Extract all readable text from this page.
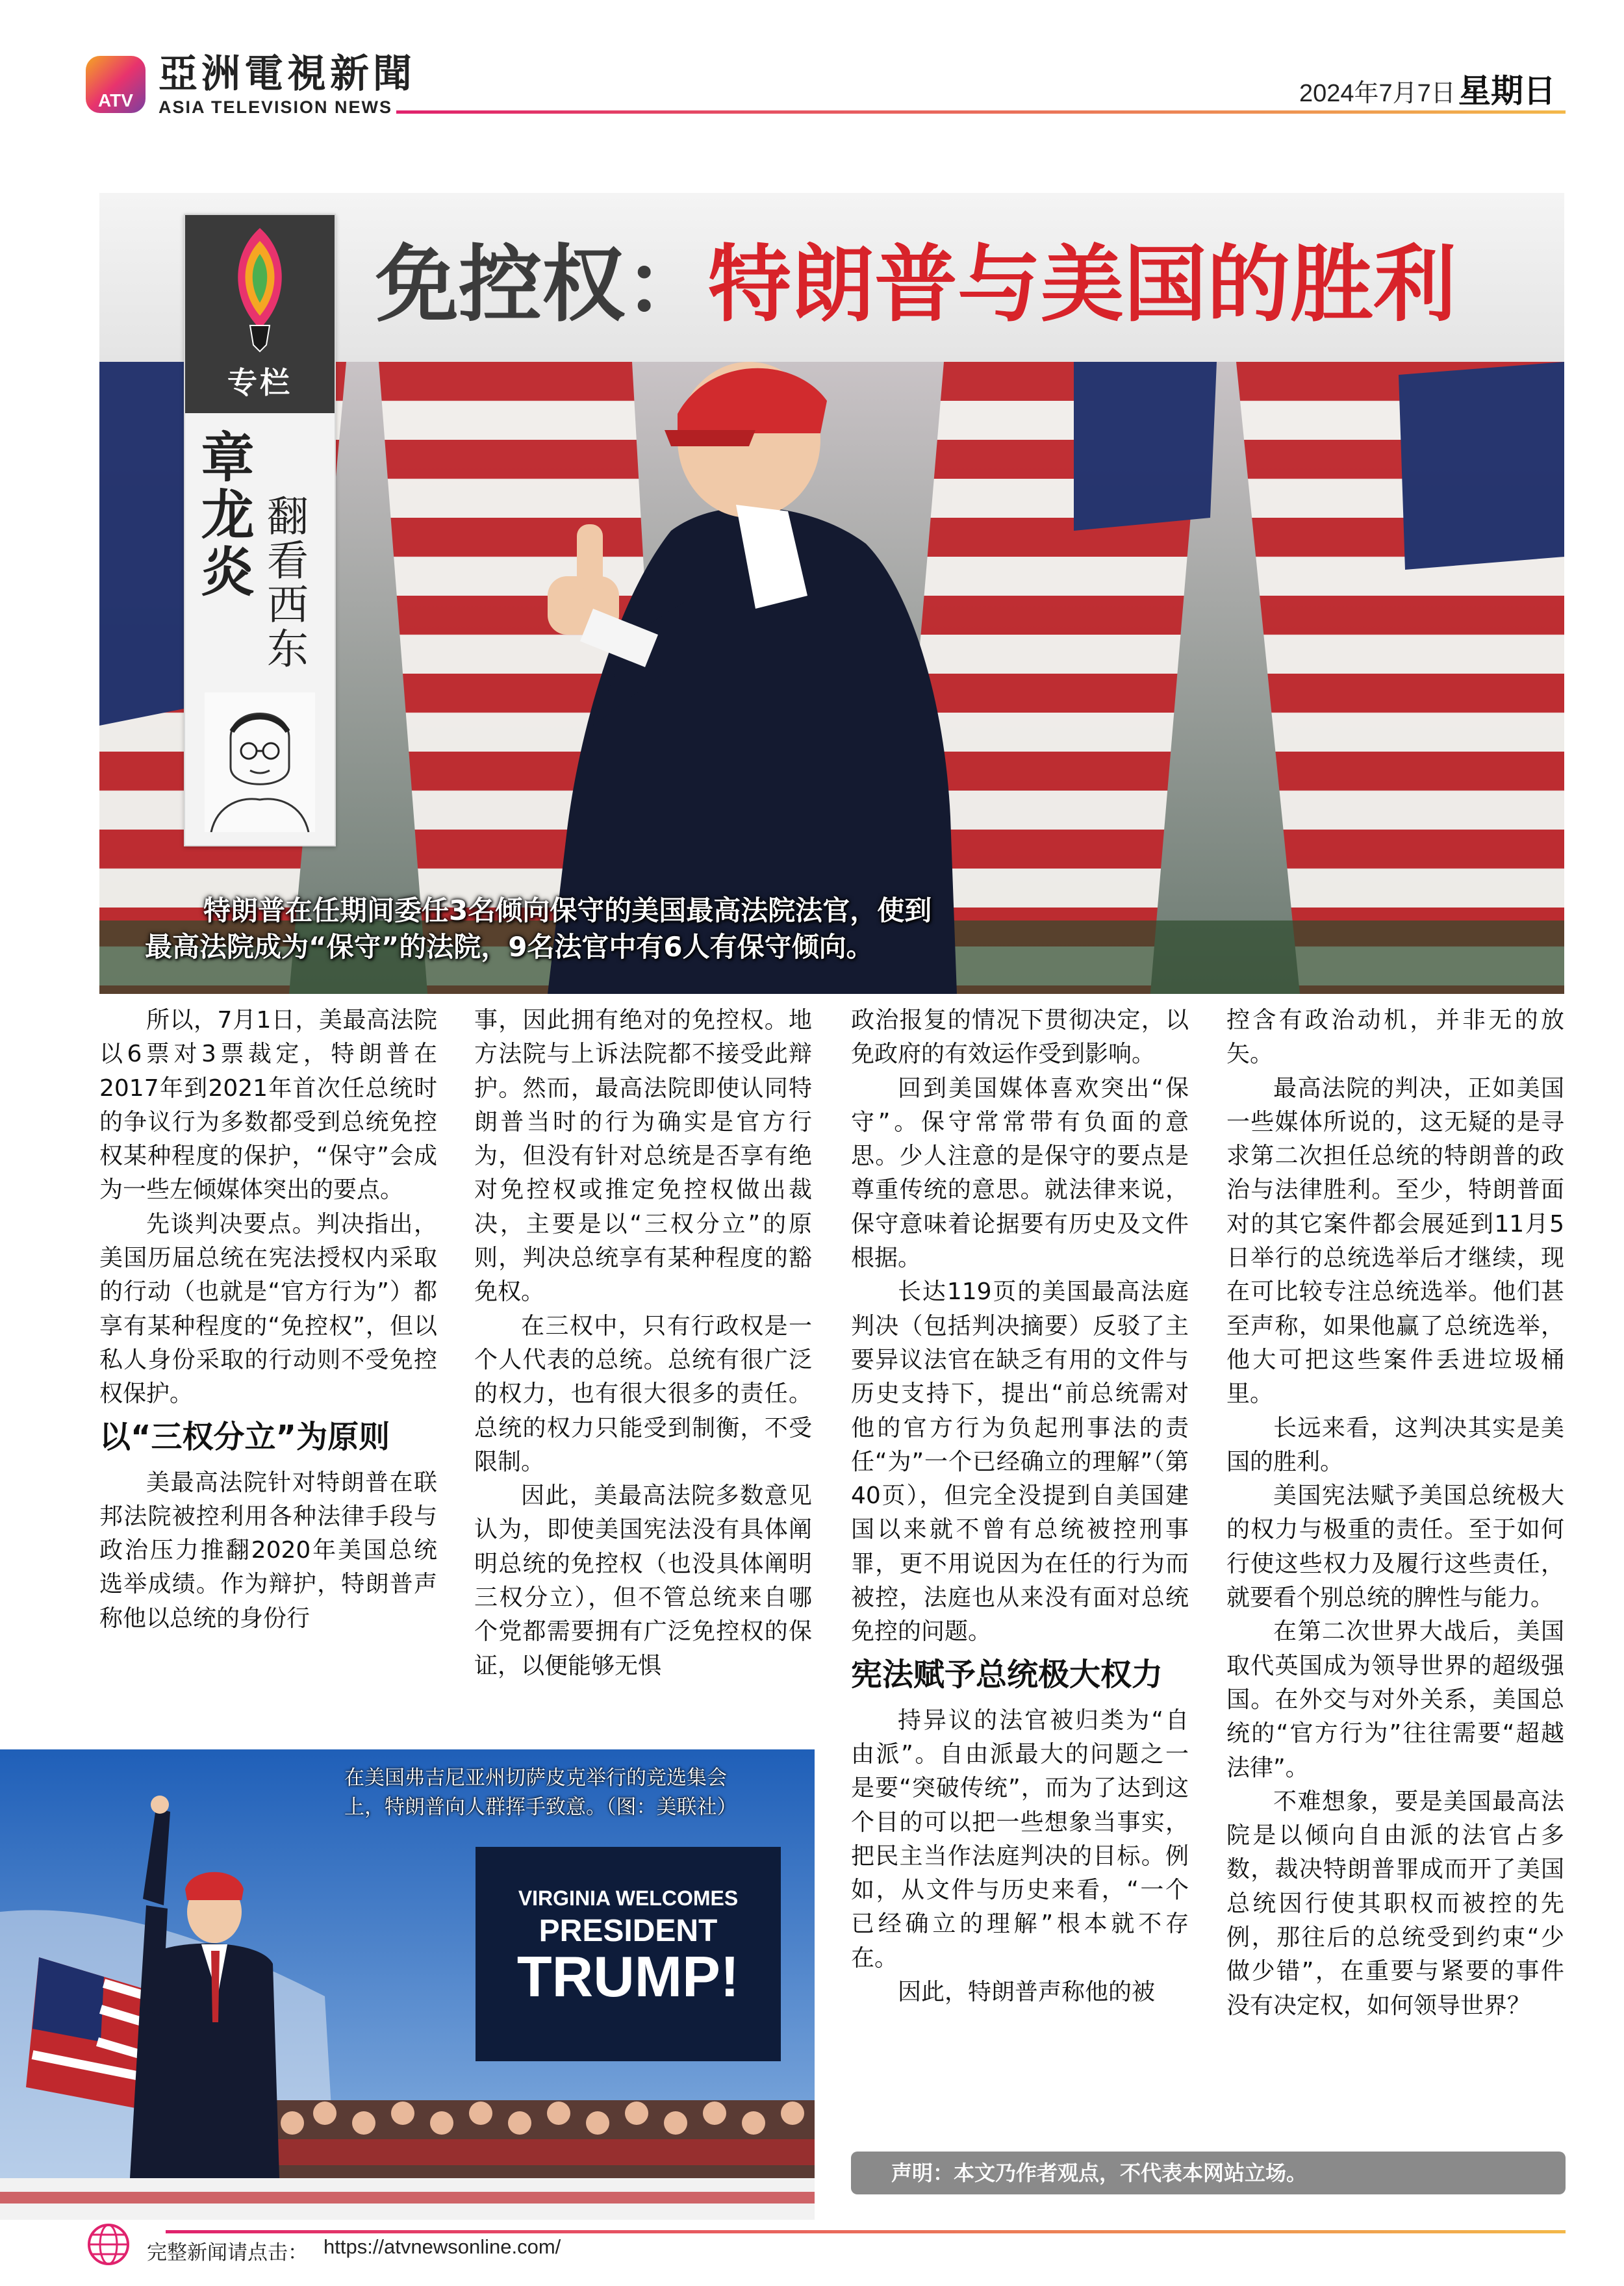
ATV
亞洲電視新聞
ASIA TELEVISION NEWS	2024年7月7日 星期日
免控权：特朗普与美国的胜利
专栏
章龙炎 翻看西东
特朗普在任期间委任3名倾向保守的美国最高法院法官，使到
最高法院成为“保守”的法院，9名法官中有6人有保守倾向。

所以，7月1日，美最高法院以6票对3票裁定，特朗普在2017年到2021年首次任总统时的争议行为多数都受到总统免控权某种程度的保护，“保守”会成为一些左倾媒体突出的要点。

先谈判决要点。判决指出，美国历届总统在宪法授权内采取的行动（也就是“官方行为”）都享有某种程度的“免控权”，但以私人身份采取的行动则不受免控权保护。

以“三权分立”为原则

美最高法院针对特朗普在联邦法院被控利用各种法律手段与政治压力推翻2020年美国总统选举成绩。作为辩护，特朗普声称他以总统的身份行

事，因此拥有绝对的免控权。地方法院与上诉法院都不接受此辩护。然而，最高法院即使认同特朗普当时的行为确实是官方行为，但没有针对总统是否享有绝对免控权或推定免控权做出裁决，主要是以“三权分立”的原则，判决总统享有某种程度的豁免权。

在三权中，只有行政权是一个人代表的总统。总统有很广泛的权力，也有很大很多的责任。总统的权力只能受到制衡，不受限制。

因此，美最高法院多数意见认为，即使美国宪法没有具体阐明总统的免控权（也没具体阐明三权分立），但不管总统来自哪个党都需要拥有广泛免控权的保证，以便能够无惧

政治报复的情况下贯彻决定，以免政府的有效运作受到影响。

回到美国媒体喜欢突出“保守”。保守常常带有负面的意思。少人注意的是保守的要点是尊重传统的意思。就法律来说，保守意味着论据要有历史及文件根据。

长达119页的美国最高法庭判决（包括判决摘要）反驳了主要异议法官在缺乏有用的文件与历史支持下，提出“前总统需对他的官方行为负起刑事法的责任“为”一个已经确立的理解”（第40页），但完全没提到自美国建国以来就不曾有总统被控刑事罪，更不用说因为在任的行为而被控，法庭也从来没有面对总统免控的问题。

宪法赋予总统极大权力

持异议的法官被归类为“自由派”。自由派最大的问题之一是要“突破传统”，而为了达到这个目的可以把一些想象当事实，把民主当作法庭判决的目标。例如，从文件与历史来看，“一个已经确立的理解”根本就不存在。

因此，特朗普声称他的被

控含有政治动机，并非无的放矢。

最高法院的判决，正如美国一些媒体所说的，这无疑的是寻求第二次担任总统的特朗普的政治与法律胜利。至少，特朗普面对的其它案件都会展延到11月5日举行的总统选举后才继续，现在可比较专注总统选举。他们甚至声称，如果他赢了总统选举，他大可把这些案件丢进垃圾桶里。

长远来看，这判决其实是美国的胜利。

美国宪法赋予美国总统极大的权力与极重的责任。至于如何行使这些权力及履行这些责任，就要看个别总统的脾性与能力。

在第二次世界大战后，美国取代英国成为领导世界的超级强国。在外交与对外关系，美国总统的“官方行为”往往需要“超越法律”。

不难想象，要是美国最高法院是以倾向自由派的法官占多数，裁决特朗普罪成而开了美国总统因行使其职权而被控的先例，那往后的总统受到约束“少做少错”，在重要与紧要的事件没有决定权，如何领导世界？

VIRGINIA WELCOMES
PRESIDENT
TRUMP!
在美国弗吉尼亚州切萨皮克举行的竞选集会上，特朗普向人群挥手致意。（图：美联社）
声明：本文乃作者观点，不代表本网站立场。
完整新闻请点击： https://atvnewsonline.com/
